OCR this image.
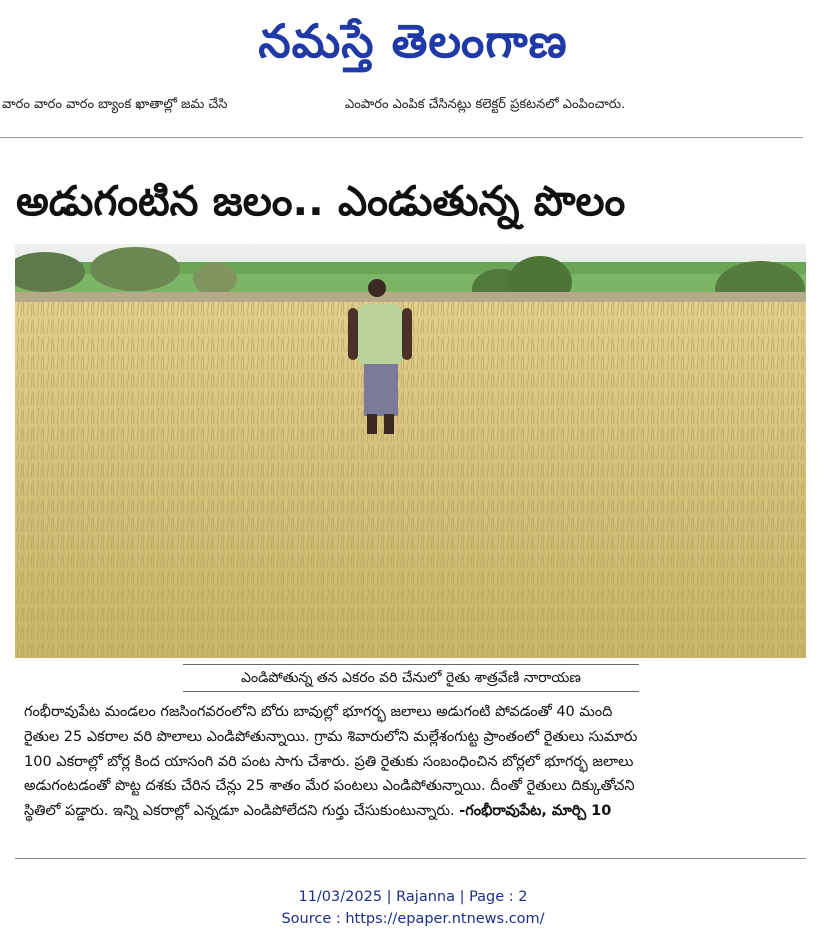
నమస్తే తెలంగాణ
వారం వారం వారం బ్యాంక ఖాతాల్లో జమ చేసి	ఎంపారం ఎంపిక చేసినట్లు కలెక్టర్ ప్రకటనలో ఎంపించారు.
అడుగంటిన జలం.. ఎండుతున్న పొలం
ఎండిపోతున్న తన ఎకరం వరి చేనులో రైతు శాత్రవేణి నారాయణ
గంభీరావుపేట మండలం గజసింగవరంలోని బోరు బావుల్లో భూగర్భ జలాలు అడుగంటి పోవడంతో 40 మంది
రైతుల 25 ఎకరాల వరి పొలాలు ఎండిపోతున్నాయి. గ్రామ శివారులోని మల్లేశంగుట్ట ప్రాంతంలో రైతులు సుమారు
100 ఎకరాల్లో బోర్ల కింద యాసంగి వరి పంట సాగు చేశారు. ప్రతి రైతుకు సంబంధించిన బోర్లలో భూగర్భ జలాలు
అడుగంటడంతో పొట్ట దశకు చేరిన చేన్లు 25 శాతం మేర పంటలు ఎండిపోతున్నాయి. దీంతో రైతులు దిక్కుతోచని
స్థితిలో పడ్డారు. ఇన్ని ఎకరాల్లో ఎన్నడూ ఎండిపోలేదని గుర్తు చేసుకుంటున్నారు. -గంభీరావుపేట, మార్చి 10
11/03/2025 | Rajanna | Page : 2
Source : https://epaper.ntnews.com/
